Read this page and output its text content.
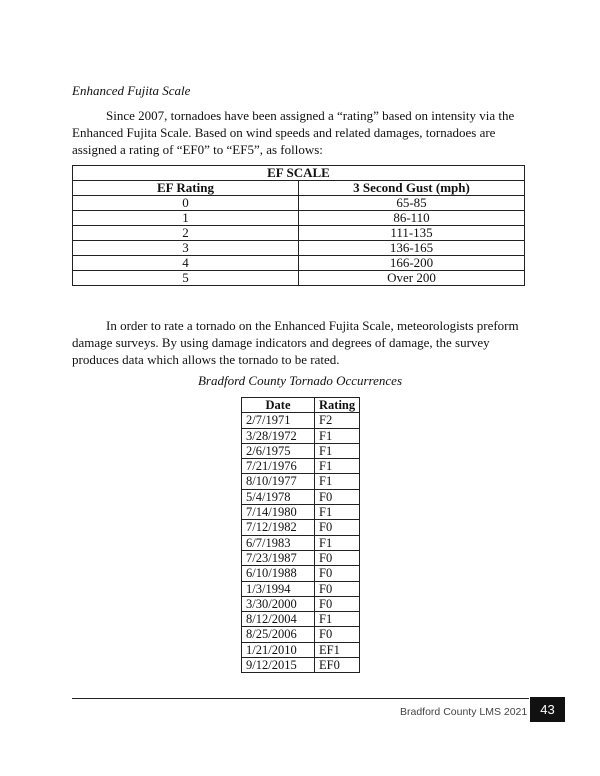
Enhanced Fujita Scale

Since 2007, tornadoes have been assigned a “rating” based on intensity via the Enhanced Fujita Scale. Based on wind speeds and related damages, tornadoes are assigned a rating of “EF0” to “EF5”, as follows:

EF SCALE	
EF Rating	3 Second Gust (mph)
0	65-85
1	86-110
2	111-135
3	136-165
4	166-200
5	Over 200

In order to rate a tornado on the Enhanced Fujita Scale, meteorologists preform damage surveys. By using damage indicators and degrees of damage, the survey produces data which allows the tornado to be rated.

Bradford County Tornado Occurrences
Date	Rating
2/7/1971	F2
3/28/1972	F1
2/6/1975	F1
7/21/1976	F1
8/10/1977	F1
5/4/1978	F0
7/14/1980	F1
7/12/1982	F0
6/7/1983	F1
7/23/1987	F0
6/10/1988	F0
1/3/1994	F0
3/30/2000	F0
8/12/2004	F1
8/25/2006	F0
1/21/2010	EF1
9/12/2015	EF0
Bradford County LMS 2021	43
